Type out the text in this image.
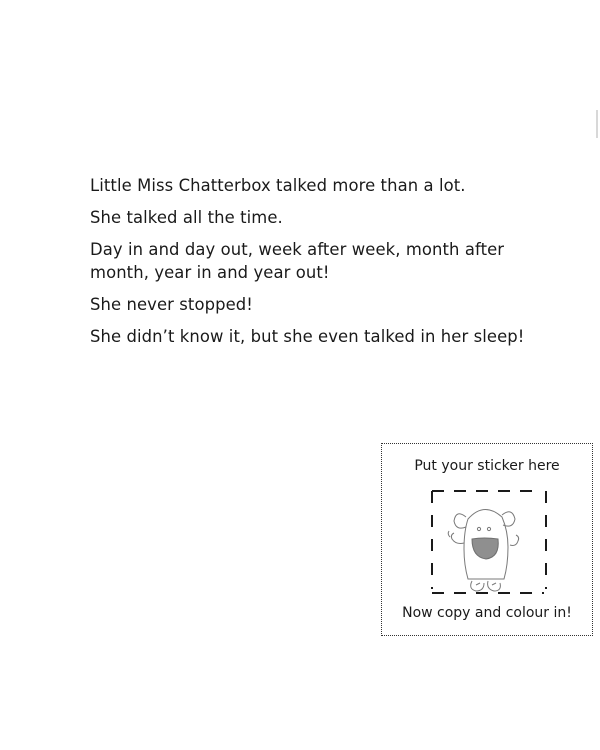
Little Miss Chatterbox talked more than a lot.

She talked all the time.

Day in and day out, week after week, month after month, year in and year out!

She never stopped!

She didn’t know it, but she even talked in her sleep!

Put your sticker here
Now copy and colour in!
